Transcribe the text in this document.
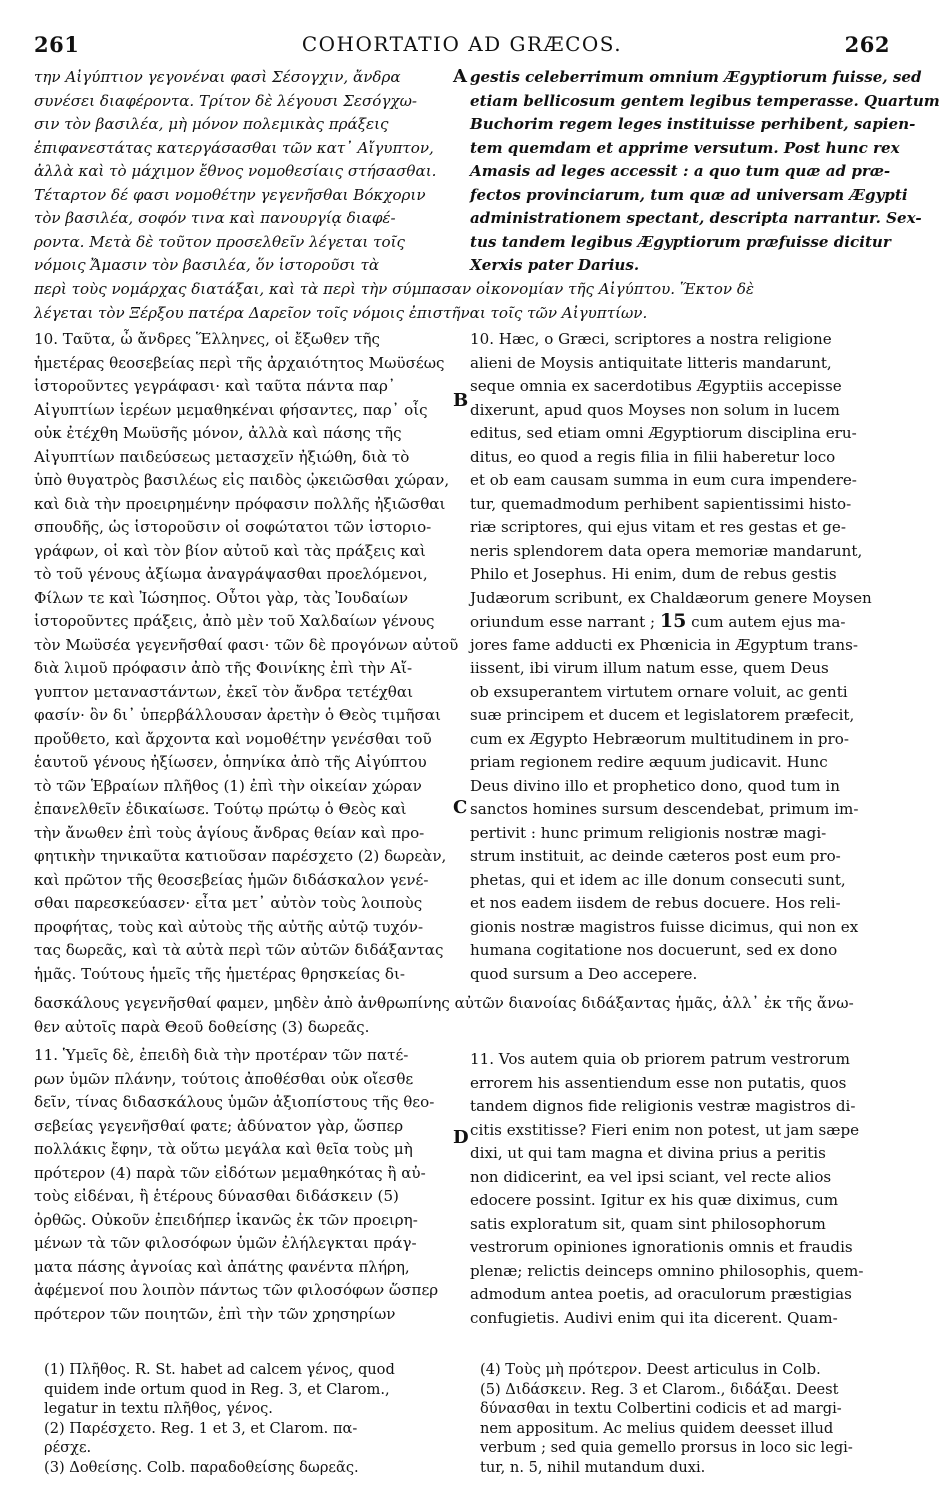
261	COHORTATIO AD GRÆCOS.	262
A
B
C
D
την Αἰγύπτιον γεγονέναι φασὶ Σέσογχιν, ἄνδρα
συνέσει διαφέροντα. Τρίτον δὲ λέγουσι Σεσόγχω-
σιν τὸν βασιλέα, μὴ μόνον πολεμικὰς πράξεις
ἐπιφανεστάτας κατεργάσασθαι τῶν κατ᾽ Αἴγυπτον,
ἀλλὰ καὶ τὸ μάχιμον ἔθνος νομοθεσίαις στήσασθαι.
Τέταρτον δέ φασι νομοθέτην γεγενῆσθαι Βόκχοριν
τὸν βασιλέα, σοφόν τινα καὶ πανουργίᾳ διαφέ-
ροντα. Μετὰ δὲ τοῦτον προσελθεῖν λέγεται τοῖς
νόμοις Ἄμασιν τὸν βασιλέα, ὅν ἱστοροῦσι τὰ
gestis celeberrimum omnium Ægyptiorum fuisse, sed
etiam bellicosum gentem legibus temperasse. Quartum
Buchorim regem leges instituisse perhibent, sapien-
tem quemdam et apprime versutum. Post hunc rex
Amasis ad leges accessit : a quo tum quæ ad præ-
fectos provinciarum, tum quæ ad universam Ægypti
administrationem spectant, descripta narrantur. Sex-
tus tandem legibus Ægyptiorum præfuisse dicitur
Xerxis pater Darius.
περὶ τοὺς νομάρχας διατάξαι, καὶ τὰ περὶ τὴν σύμπασαν οἰκονομίαν τῆς Αἰγύπτου. Ἕκτον δὲ
λέγεται τὸν Ξέρξου πατέρα Δαρεῖον τοῖς νόμοις ἐπιστῆναι τοῖς τῶν Αἰγυπτίων.
10. Ταῦτα, ὦ ἄνδρες Ἕλληνες, οἱ ἔξωθεν τῆς
ἡμετέρας θεοσεβείας περὶ τῆς ἀρχαιότητος Μωϋσέως
ἱστοροῦντες γεγράφασι· καὶ ταῦτα πάντα παρ᾽
Αἰγυπτίων ἱερέων μεμαθηκέναι φήσαντες, παρ᾽ οἷς
οὐκ ἐτέχθη Μωϋσῆς μόνον, ἀλλὰ καὶ πάσης τῆς
Αἰγυπτίων παιδεύσεως μετασχεῖν ἠξιώθη, διὰ τὸ
ὑπὸ θυγατρὸς βασιλέως εἰς παιδὸς ᾠκειῶσθαι χώραν,
καὶ διὰ τὴν προειρημένην πρόφασιν πολλῆς ἠξιῶσθαι
σπουδῆς, ὡς ἱστοροῦσιν οἱ σοφώτατοι τῶν ἱστοριο-
γράφων, οἱ καὶ τὸν βίον αὐτοῦ καὶ τὰς πράξεις καὶ
τὸ τοῦ γένους ἀξίωμα ἀναγράψασθαι προελόμενοι,
Φίλων τε καὶ Ἰώσηπος. Οὗτοι γὰρ, τὰς Ἰουδαίων
ἱστοροῦντες πράξεις, ἀπὸ μὲν τοῦ Χαλδαίων γένους
τὸν Μωϋσέα γεγενῆσθαί φασι· τῶν δὲ προγόνων αὐτοῦ
διὰ λιμοῦ πρόφασιν ἀπὸ τῆς Φοινίκης ἐπὶ τὴν Αἴ-
γυπτον μεταναστάντων, ἐκεῖ τὸν ἄνδρα τετέχθαι
φασίν· ὃν δι᾽ ὑπερβάλλουσαν ἀρετὴν ὁ Θεὸς τιμῆσαι
προὔθετο, καὶ ἄρχοντα καὶ νομοθέτην γενέσθαι τοῦ
ἑαυτοῦ γένους ἠξίωσεν, ὁπηνίκα ἀπὸ τῆς Αἰγύπτου
τὸ τῶν Ἑβραίων πλῆθος (1) ἐπὶ τὴν οἰκείαν χώραν
ἐπανελθεῖν ἐδικαίωσε. Τούτῳ πρώτῳ ὁ Θεὸς καὶ
τὴν ἄνωθεν ἐπὶ τοὺς ἁγίους ἄνδρας θείαν καὶ προ-
φητικὴν τηνικαῦτα κατιοῦσαν παρέσχετο (2) δωρεὰν,
καὶ πρῶτον τῆς θεοσεβείας ἡμῶν διδάσκαλον γενέ-
σθαι παρεσκεύασεν· εἶτα μετ᾽ αὐτὸν τοὺς λοιποὺς
προφήτας, τοὺς καὶ αὐτοὺς τῆς αὐτῆς αὐτῷ τυχόν-
τας δωρεᾶς, καὶ τὰ αὐτὰ περὶ τῶν αὐτῶν διδάξαντας
ἡμᾶς. Τούτους ἡμεῖς τῆς ἡμετέρας θρησκείας δι-
10. Hæc, o Græci, scriptores a nostra religione
alieni de Moysis antiquitate litteris mandarunt,
seque omnia ex sacerdotibus Ægyptiis accepisse
dixerunt, apud quos Moyses non solum in lucem
editus, sed etiam omni Ægyptiorum disciplina eru-
ditus, eo quod a regis filia in filii haberetur loco
et ob eam causam summa in eum cura impendere-
tur, quemadmodum perhibent sapientissimi histo-
riæ scriptores, qui ejus vitam et res gestas et ge-
neris splendorem data opera memoriæ mandarunt,
Philo et Josephus. Hi enim, dum de rebus gestis
Judæorum scribunt, ex Chaldæorum genere Moysen
oriundum esse narrant ; 15 cum autem ejus ma-
jores fame adducti ex Phœnicia in Ægyptum trans-
iissent, ibi virum illum natum esse, quem Deus
ob exsuperantem virtutem ornare voluit, ac genti
suæ principem et ducem et legislatorem præfecit,
cum ex Ægypto Hebræorum multitudinem in pro-
priam regionem redire æquum judicavit. Hunc
Deus divino illo et prophetico dono, quod tum in
sanctos homines sursum descendebat, primum im-
pertivit : hunc primum religionis nostræ magi-
strum instituit, ac deinde cæteros post eum pro-
phetas, qui et idem ac ille donum consecuti sunt,
et nos eadem iisdem de rebus docuere. Hos reli-
gionis nostræ magistros fuisse dicimus, qui non ex
humana cogitatione nos docuerunt, sed ex dono
quod sursum a Deo accepere.
δασκάλους γεγενῆσθαί φαμεν, μηδὲν ἀπὸ ἀνθρωπίνης αὐτῶν διανοίας διδάξαντας ἡμᾶς, ἀλλ᾽ ἐκ τῆς ἄνω-
θεν αὐτοῖς παρὰ Θεοῦ δοθείσης (3) δωρεᾶς.
11. Ὑμεῖς δὲ, ἐπειδὴ διὰ τὴν προτέραν τῶν πατέ-
ρων ὑμῶν πλάνην, τούτοις ἀποθέσθαι οὐκ οἴεσθε
δεῖν, τίνας διδασκάλους ὑμῶν ἀξιοπίστους τῆς θεο-
σεβείας γεγενῆσθαί φατε; ἀδύνατον γὰρ, ὥσπερ
πολλάκις ἔφην, τὰ οὕτω μεγάλα καὶ θεῖα τοὺς μὴ
πρότερον (4) παρὰ τῶν εἰδότων μεμαθηκότας ἢ αὐ-
τοὺς εἰδέναι, ἢ ἑτέρους δύνασθαι διδάσκειν (5)
ὀρθῶς. Οὐκοῦν ἐπειδήπερ ἱκανῶς ἐκ τῶν προειρη-
μένων τὰ τῶν φιλοσόφων ὑμῶν ἐλήλεγκται πράγ-
ματα πάσης ἀγνοίας καὶ ἀπάτης φανέντα πλήρη,
ἀφέμενοί που λοιπὸν πάντως τῶν φιλοσόφων ὥσπερ
πρότερον τῶν ποιητῶν, ἐπὶ τὴν τῶν χρησηρίων
11. Vos autem quia ob priorem patrum vestrorum
errorem his assentiendum esse non putatis, quos
tandem dignos fide religionis vestræ magistros di-
citis exstitisse? Fieri enim non potest, ut jam sæpe
dixi, ut qui tam magna et divina prius a peritis
non didicerint, ea vel ipsi sciant, vel recte alios
edocere possint. Igitur ex his quæ diximus, cum
satis exploratum sit, quam sint philosophorum
vestrorum opiniones ignorationis omnis et fraudis
plenæ; relictis deinceps omnino philosophis, quem-
admodum antea poetis, ad oraculorum præstigias
confugietis. Audivi enim qui ita dicerent. Quam-
(1) Πλῆθος. R. St. habet ad calcem γένος, quod
quidem inde ortum quod in Reg. 3, et Clarom.,
legatur in textu πλῆθος, γένος.
(2) Παρέσχετο. Reg. 1 et 3, et Clarom. πα-
ρέσχε.
(3) Δοθείσης. Colb. παραδοθείσης δωρεᾶς.
(4) Τοὺς μὴ πρότερον. Deest articulus in Colb.
(5) Διδάσκειν. Reg. 3 et Clarom., διδάξαι. Deest
δύνασθαι in textu Colbertini codicis et ad margi-
nem appositum. Ac melius quidem deesset illud
verbum ; sed quia gemello prorsus in loco sic legi-
tur, n. 5, nihil mutandum duxi.
